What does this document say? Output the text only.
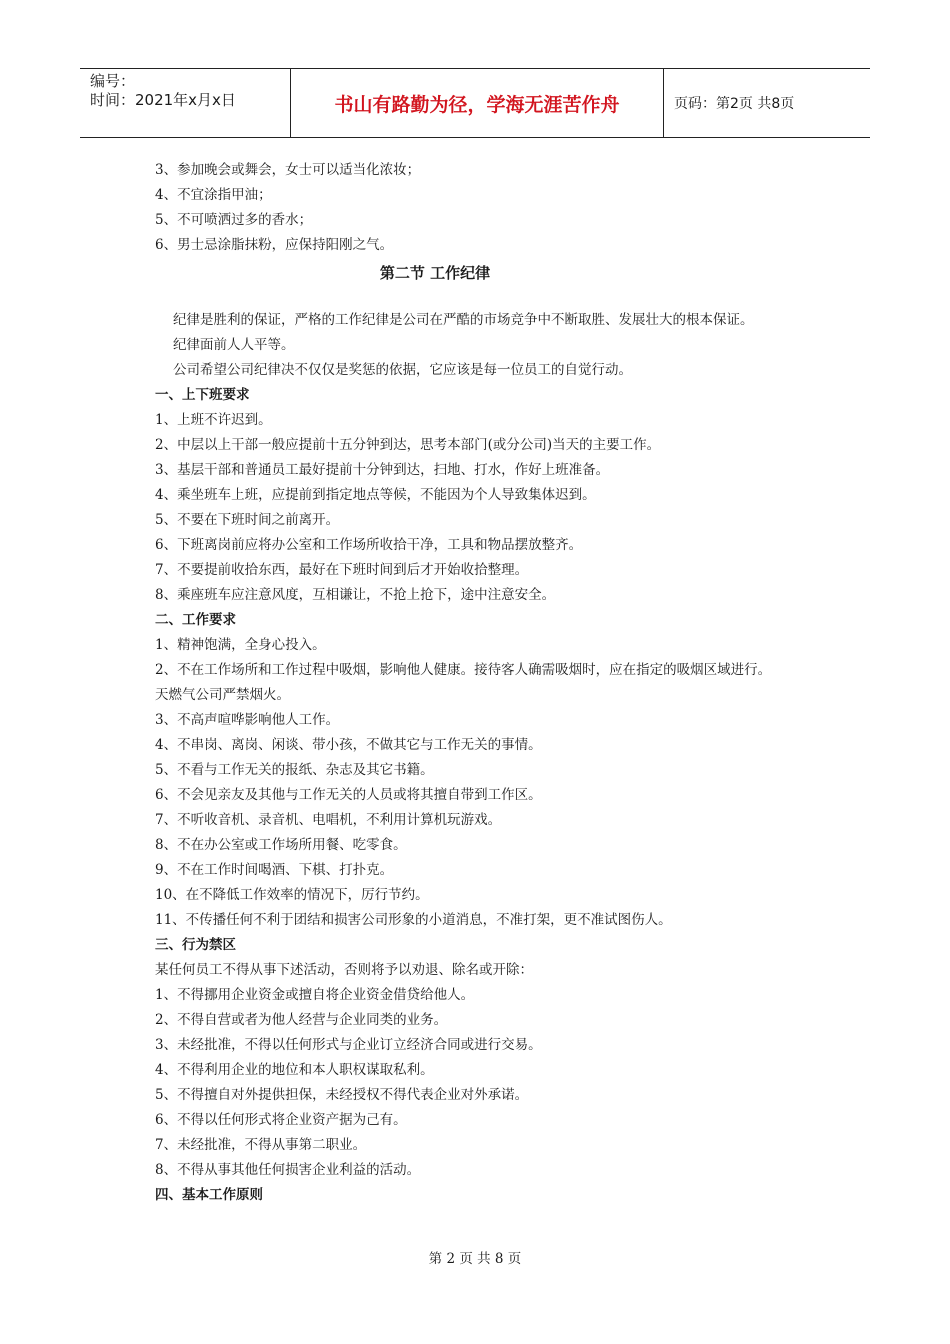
编号：
时间：2021年x月x日	书山有路勤为径，学海无涯苦作舟	页码：第2页 共8页
3、参加晚会或舞会，女士可以适当化浓妆；
4、不宜涂指甲油；
5、不可喷洒过多的香水；
6、男士忌涂脂抹粉，应保持阳刚之气。
第二节 工作纪律
纪律是胜利的保证，严格的工作纪律是公司在严酷的市场竞争中不断取胜、发展壮大的根本保证。
纪律面前人人平等。
公司希望公司纪律决不仅仅是奖惩的依据，它应该是每一位员工的自觉行动。
一、上下班要求
1、上班不许迟到。
2、中层以上干部一般应提前十五分钟到达，思考本部门(或分公司)当天的主要工作。
3、基层干部和普通员工最好提前十分钟到达，扫地、打水，作好上班准备。
4、乘坐班车上班，应提前到指定地点等候，不能因为个人导致集体迟到。
5、不要在下班时间之前离开。
6、下班离岗前应将办公室和工作场所收拾干净，工具和物品摆放整齐。
7、不要提前收拾东西，最好在下班时间到后才开始收拾整理。
8、乘座班车应注意风度，互相谦让，不抢上抢下，途中注意安全。
二、工作要求
1、精神饱满，全身心投入。
2、不在工作场所和工作过程中吸烟，影响他人健康。接待客人确需吸烟时，应在指定的吸烟区域进行。
天燃气公司严禁烟火。
3、不高声喧哗影响他人工作。
4、不串岗、离岗、闲谈、带小孩，不做其它与工作无关的事情。
5、不看与工作无关的报纸、杂志及其它书籍。
6、不会见亲友及其他与工作无关的人员或将其擅自带到工作区。
7、不听收音机、录音机、电唱机，不利用计算机玩游戏。
8、不在办公室或工作场所用餐、吃零食。
9、不在工作时间喝酒、下棋、打扑克。
10、在不降低工作效率的情况下，厉行节约。
11、不传播任何不利于团结和损害公司形象的小道消息，不准打架，更不准试图伤人。
三、行为禁区
某任何员工不得从事下述活动，否则将予以劝退、除名或开除：
1、不得挪用企业资金或擅自将企业资金借贷给他人。
2、不得自营或者为他人经营与企业同类的业务。
3、未经批准，不得以任何形式与企业订立经济合同或进行交易。
4、不得利用企业的地位和本人职权谋取私利。
5、不得擅自对外提供担保，未经授权不得代表企业对外承诺。
6、不得以任何形式将企业资产据为己有。
7、未经批准，不得从事第二职业。
8、不得从事其他任何损害企业利益的活动。
四、基本工作原则
第 2 页 共 8 页
